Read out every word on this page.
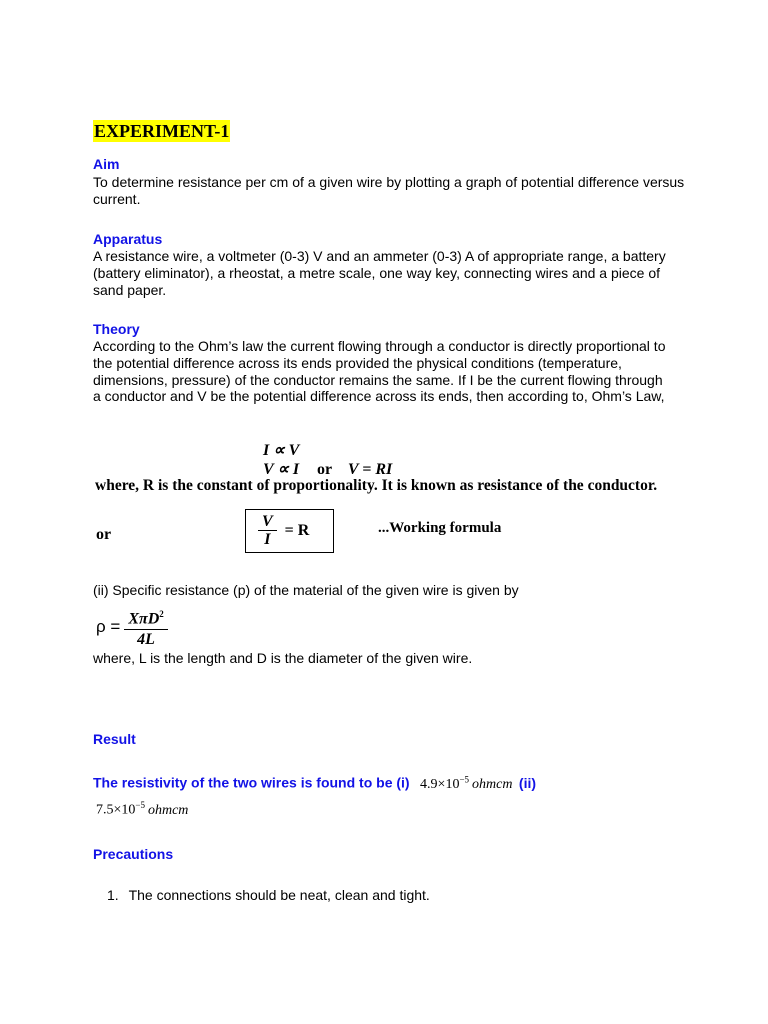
EXPERIMENT-1
Aim
To determine resistance per cm of a given wire by plotting a graph of potential difference versus current.
Apparatus
A resistance wire, a voltmeter (0-3) V and an ammeter (0-3) A of appropriate range, a battery (battery eliminator), a rheostat, a metre scale, one way key, connecting wires and a piece of sand paper.
Theory
According to the Ohm’s law the current flowing through a conductor is directly proportional to the potential difference across its ends provided the physical conditions (temperature, dimensions, pressure) of the conductor remains the same. If I be the current flowing through a conductor and V be the potential difference across its ends, then according to, Ohm’s Law,
I ∝ V
V ∝ I or V = RI
where, R is the constant of proportionality. It is known as resistance of the conductor.
or	$\frac{V}{I} = R$	...Working formula
(ii) Specific resistance (p) of the material of the given wire is given by
$\rho = \frac{X\pi D^2}{4L}$
where, L is the length and D is the diameter of the given wire.
Result
The resistivity of the two wires is found to be (i) $4.9\times 10^{-5}$ ohmcm (ii)
$7.5\times 10^{-5}$ ohmcm
Precautions
1. The connections should be neat, clean and tight.
